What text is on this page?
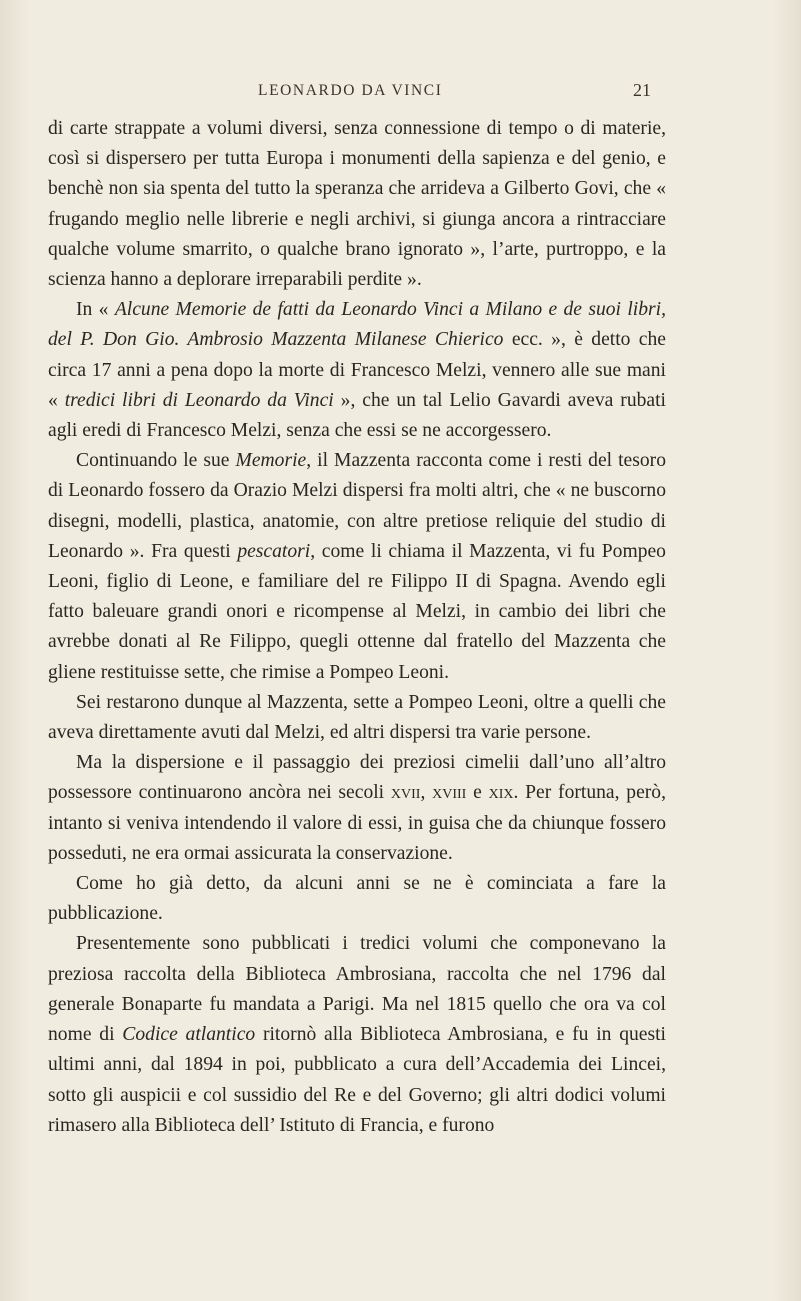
LEONARDO DA VINCI	21

di carte strappate a volumi diversi, senza connessione di tempo o di materie, così si dispersero per tutta Europa i monumenti della sapienza e del genio, e benchè non sia spenta del tutto la speranza che arrideva a Gilberto Govi, che « frugando meglio nelle librerie e negli archivi, si giunga ancora a rintracciare qualche volume smarrito, o qualche brano ignorato », l’arte, purtroppo, e la scienza hanno a deplorare irreparabili perdite ».

In « Alcune Memorie de fatti da Leonardo Vinci a Milano e de suoi libri, del P. Don Gio. Ambrosio Mazzenta Milanese Chierico ecc. », è detto che circa 17 anni a pena dopo la morte di Francesco Melzi, vennero alle sue mani « tredici libri di Leonardo da Vinci », che un tal Lelio Gavardi aveva rubati agli eredi di Francesco Melzi, senza che essi se ne accorgessero.

Continuando le sue Memorie, il Mazzenta racconta come i resti del tesoro di Leonardo fossero da Orazio Melzi dispersi fra molti altri, che « ne buscorno disegni, modelli, plastica, anatomie, con altre pretiose reliquie del studio di Leonardo ». Fra questi pescatori, come li chiama il Mazzenta, vi fu Pompeo Leoni, figlio di Leone, e familiare del re Filippo II di Spagna. Avendo egli fatto baleuare grandi onori e ricompense al Melzi, in cambio dei libri che avrebbe donati al Re Filippo, quegli ottenne dal fratello del Mazzenta che gliene restituisse sette, che rimise a Pompeo Leoni.

Sei restarono dunque al Mazzenta, sette a Pompeo Leoni, oltre a quelli che aveva direttamente avuti dal Melzi, ed altri dispersi tra varie persone.

Ma la dispersione e il passaggio dei preziosi cimelii dall’uno all’altro possessore continuarono ancòra nei secoli xvii, xviii e xix. Per fortuna, però, intanto si veniva intendendo il valore di essi, in guisa che da chiunque fossero posseduti, ne era ormai assicurata la conservazione.

Come ho già detto, da alcuni anni se ne è cominciata a fare la pubblicazione.

Presentemente sono pubblicati i tredici volumi che componevano la preziosa raccolta della Biblioteca Ambrosiana, raccolta che nel 1796 dal generale Bonaparte fu mandata a Parigi. Ma nel 1815 quello che ora va col nome di Codice atlantico ritornò alla Biblioteca Ambrosiana, e fu in questi ultimi anni, dal 1894 in poi, pubblicato a cura dell’Accademia dei Lincei, sotto gli auspicii e col sussidio del Re e del Governo; gli altri dodici volumi rimasero alla Biblioteca dell’ Istituto di Francia, e furono
